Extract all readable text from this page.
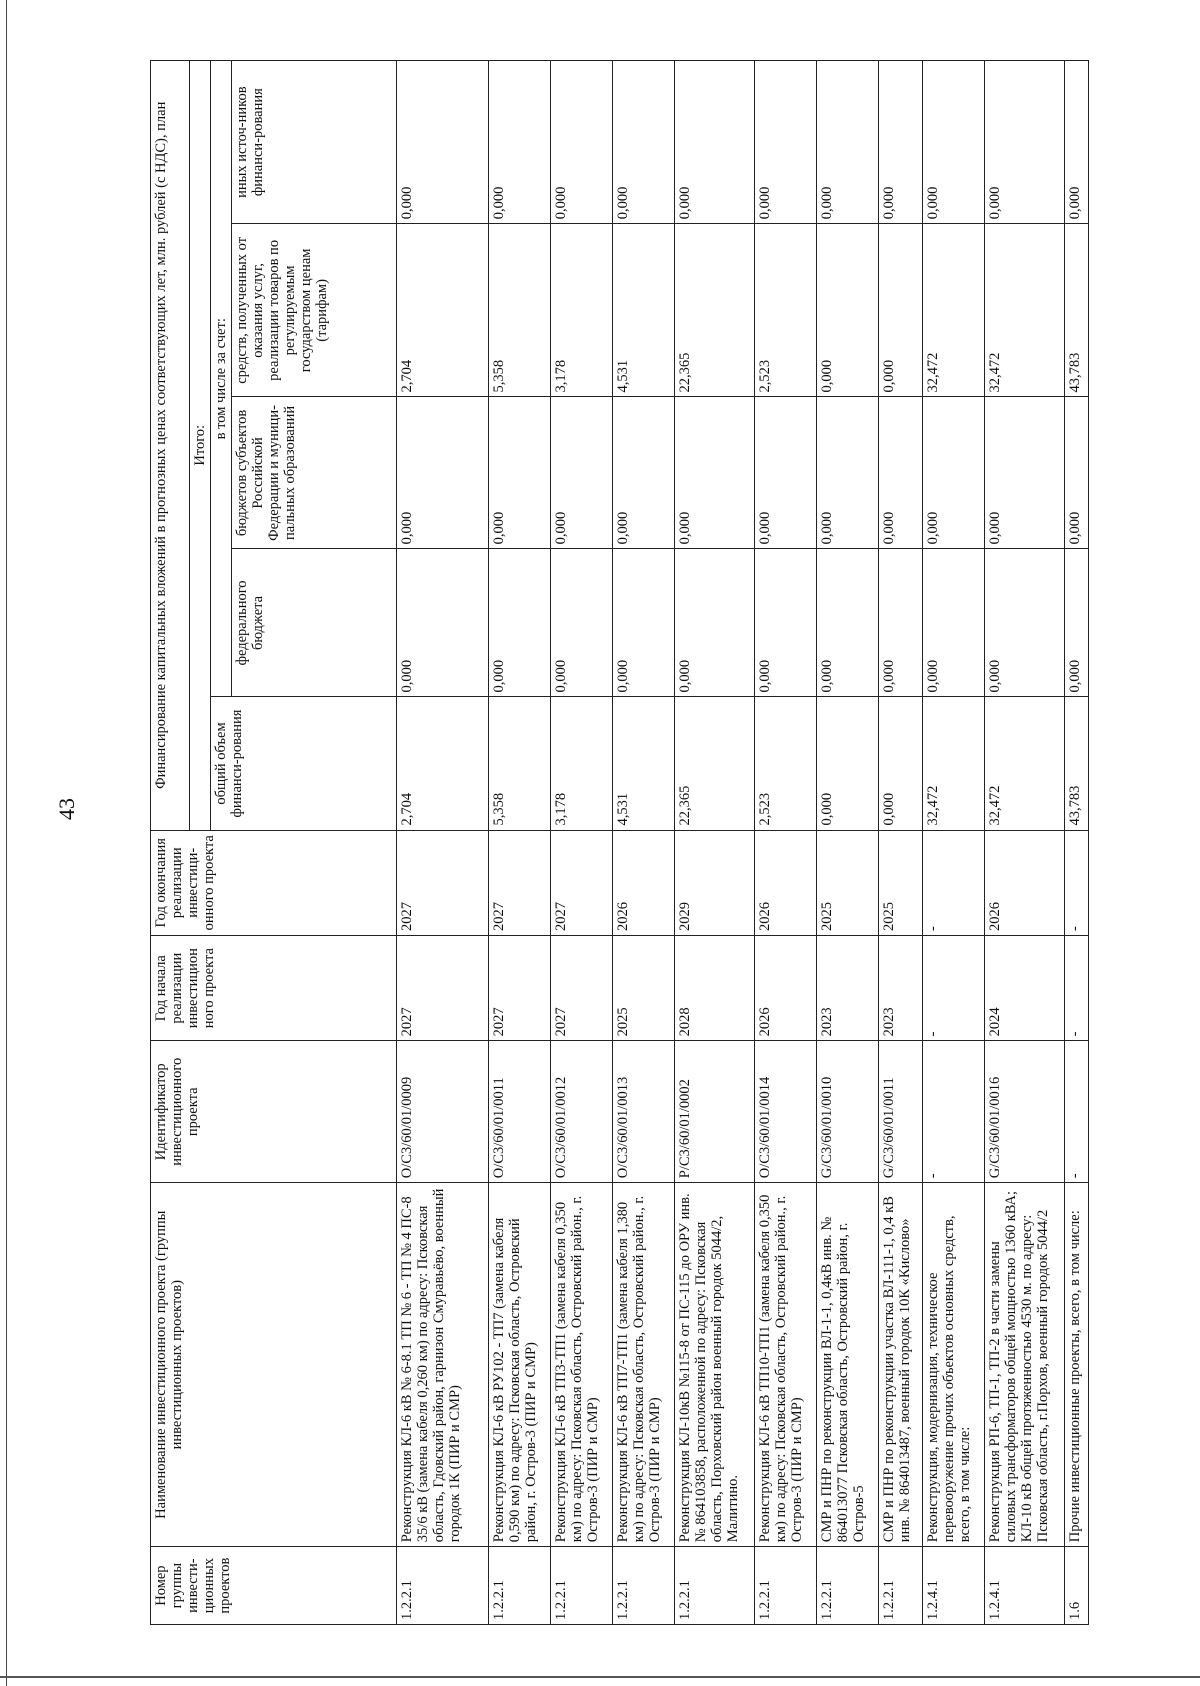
43
Номер группы инвести-ционных проектов	Наименование инвестиционного проекта (группы инвестиционных проектов)	Идентификатор инвестиционного проекта	Год начала реализации инвестицион ного проекта	Год окончания реализации инвестици-онного проекта	Финансирование капитальных вложений в прогнозных ценах соответствующих лет, млн. рублей (с НДС), план				
					Итого:				
					общий объем финанси-рования	в том числе за счет:			
						федерального бюджета	бюджетов субъектов Российской Федерации и муници-пальных образований	средств, полученных от оказания услуг, реализации товаров по регулируемым государством ценам (тарифам)	иных источ-ников финанси-рования
1.2.2.1	Реконструкция КЛ-6 кВ № 6-8.1 ТП № 6 - ТП № 4 ПС-8 35/6 кВ (замена кабеля 0,260 км) по адресу: Псковская область, Гдовский район, гарнизон Смуравьёво, военный городок 1К (ПИР и СМР)	O/C3/60/01/0009	2027	2027	2,704	0,000	0,000	2,704	0,000
1.2.2.1	Реконструкция КЛ-6 кВ РУ102 - ТП7 (замена кабеля 0,590 км) по адресу: Псковская область, Островский район, г. Остров-3 (ПИР и СМР)	O/C3/60/01/0011	2027	2027	5,358	0,000	0,000	5,358	0,000
1.2.2.1	Реконструкция КЛ-6 кВ ТП3-ТП1 (замена кабеля 0,350 км) по адресу: Псковская область, Островский район., г. Остров-3 (ПИР и СМР)	O/C3/60/01/0012	2027	2027	3,178	0,000	0,000	3,178	0,000
1.2.2.1	Реконструкция КЛ-6 кВ ТП7-ТП1 (замена кабеля 1,380 км) по адресу: Псковская область, Островский район., г. Остров-3 (ПИР и СМР)	O/C3/60/01/0013	2025	2026	4,531	0,000	0,000	4,531	0,000
1.2.2.1	Реконструкция КЛ-10кВ №115-8 от ПС-115 до ОРУ инв.№ 864103858, расположенной по адресу: Псковская область, Порховский район военный городок 5044/2, Малитино.	P/C3/60/01/0002	2028	2029	22,365	0,000	0,000	22,365	0,000
1.2.2.1	Реконструкция КЛ-6 кВ ТП10-ТП1 (замена кабеля 0,350 км) по адресу: Псковская область, Островский район., г. Остров-3 (ПИР и СМР)	O/C3/60/01/0014	2026	2026	2,523	0,000	0,000	2,523	0,000
1.2.2.1	СМР и ПНР по реконструкции ВЛ-1-1, 0,4кВ инв. № 864013077 Псковская область, Островский район, г. Остров-5	G/C3/60/01/0010	2023	2025	0,000	0,000	0,000	0,000	0,000
1.2.2.1	СМР и ПНР по реконструкции участка ВЛ-111-1, 0,4 кВ инв. № 864013487, военный городок 10К «Кислово»	G/C3/60/01/0011	2023	2025	0,000	0,000	0,000	0,000	0,000
1.2.4.1	Реконструкция, модернизация, техническое перевооружение прочих объектов основных средств, всего, в том числе:	-	-	-	32,472	0,000	0,000	32,472	0,000
1.2.4.1	Реконструкция РП-6, ТП-1, ТП-2 в части замены силовых трансформаторов общей мощностью 1360 кВА; КЛ-10 кВ общей протяженностью 4530 м. по адресу: Псковская область, г.Порхов, военный городок 5044/2	G/C3/60/01/0016	2024	2026	32,472	0,000	0,000	32,472	0,000
1.6	Прочие инвестиционные проекты, всего, в том числе:	-	-	-	43,783	0,000	0,000	43,783	0,000
